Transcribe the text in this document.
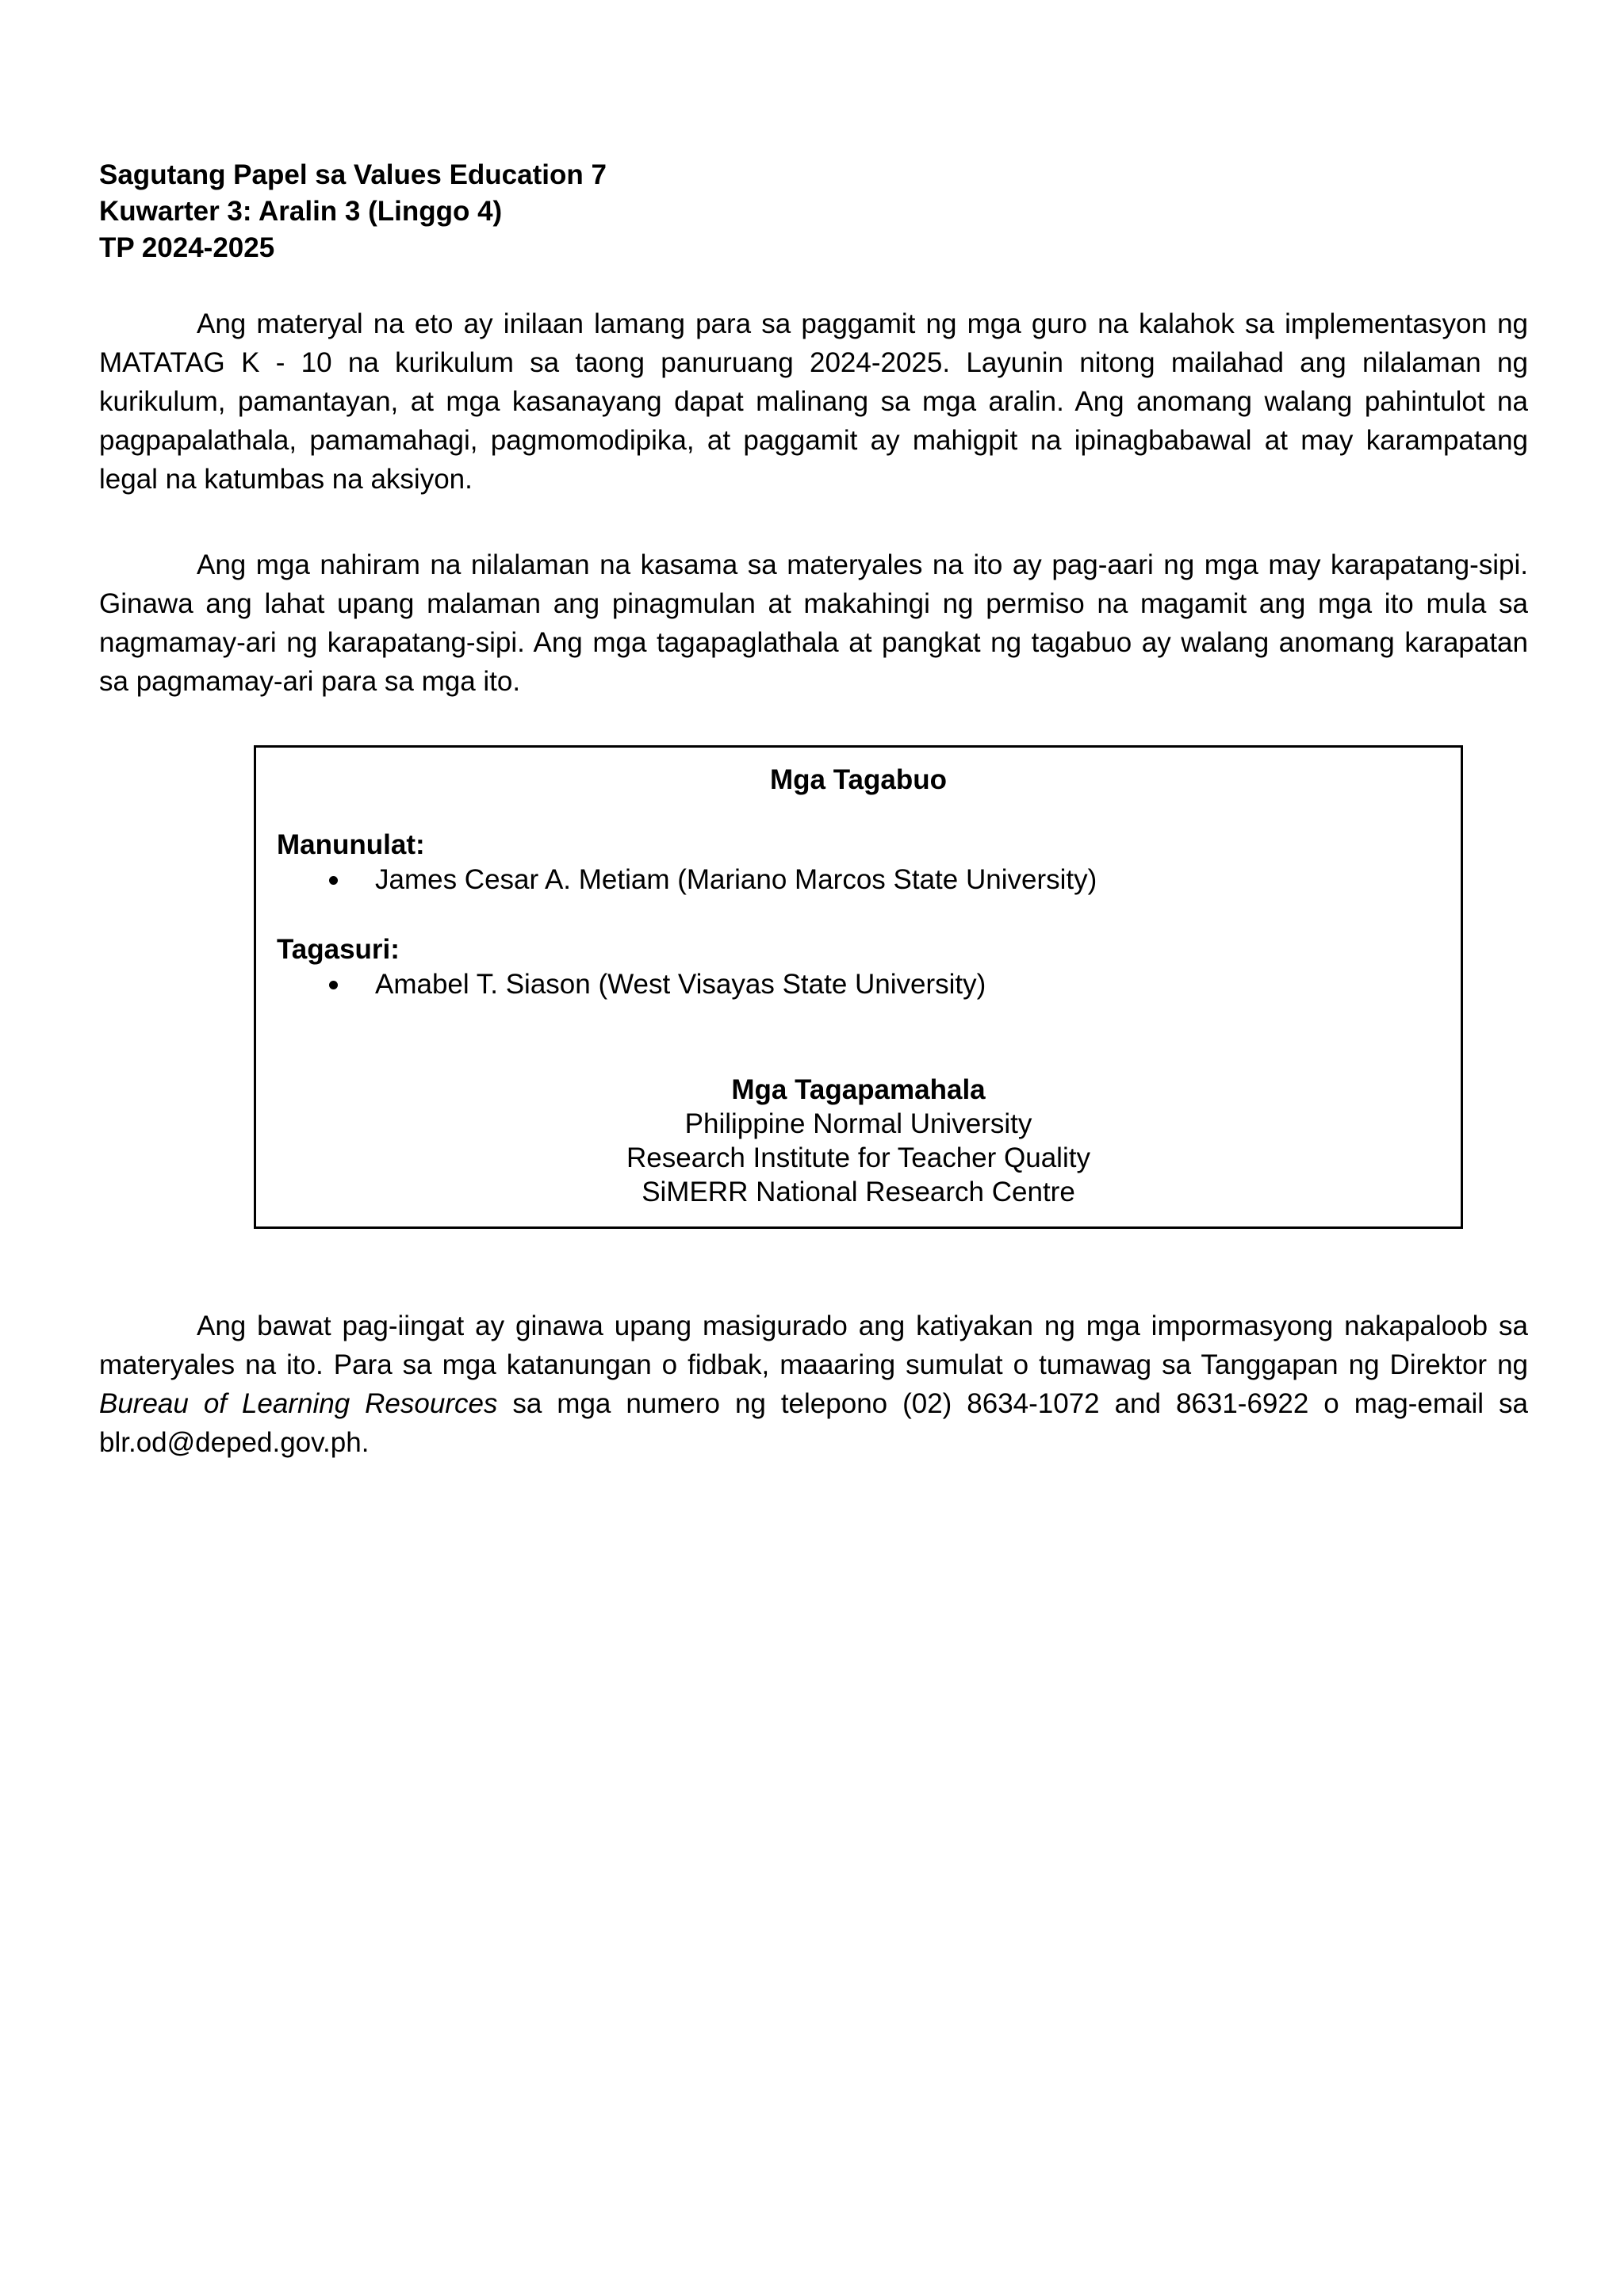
Sagutang Papel sa Values Education 7
Kuwarter 3: Aralin 3 (Linggo 4)
TP 2024-2025

Ang materyal na eto ay inilaan lamang para sa paggamit ng mga guro na kalahok sa implementasyon ng MATATAG K - 10 na kurikulum sa taong panuruang 2024-2025. Layunin nitong mailahad ang nilalaman ng kurikulum, pamantayan, at mga kasanayang dapat malinang sa mga aralin. Ang anomang walang pahintulot na pagpapalathala, pamamahagi, pagmomodipika, at paggamit ay mahigpit na ipinagbabawal at may karampatang legal na katumbas na aksiyon.

Ang mga nahiram na nilalaman na kasama sa materyales na ito ay pag-aari ng mga may karapatang-sipi. Ginawa ang lahat upang malaman ang pinagmulan at makahingi ng permiso na magamit ang mga ito mula sa nagmamay-ari ng karapatang-sipi. Ang mga tagapaglathala at pangkat ng tagabuo ay walang anomang karapatan sa pagmamay-ari para sa mga ito.

Mga Tagabuo
Manunulat:
James Cesar A. Metiam (Mariano Marcos State University)
Tagasuri:
Amabel T. Siason (West Visayas State University)
Mga Tagapamahala
Philippine Normal University
Research Institute for Teacher Quality
SiMERR National Research Centre

Ang bawat pag-iingat ay ginawa upang masigurado ang katiyakan ng mga impormasyong nakapaloob sa materyales na ito. Para sa mga katanungan o fidbak, maaaring sumulat o tumawag sa Tanggapan ng Direktor ng Bureau of Learning Resources sa mga numero ng telepono (02) 8634-1072 and 8631-6922 o mag-email sa blr.od@deped.gov.ph.
